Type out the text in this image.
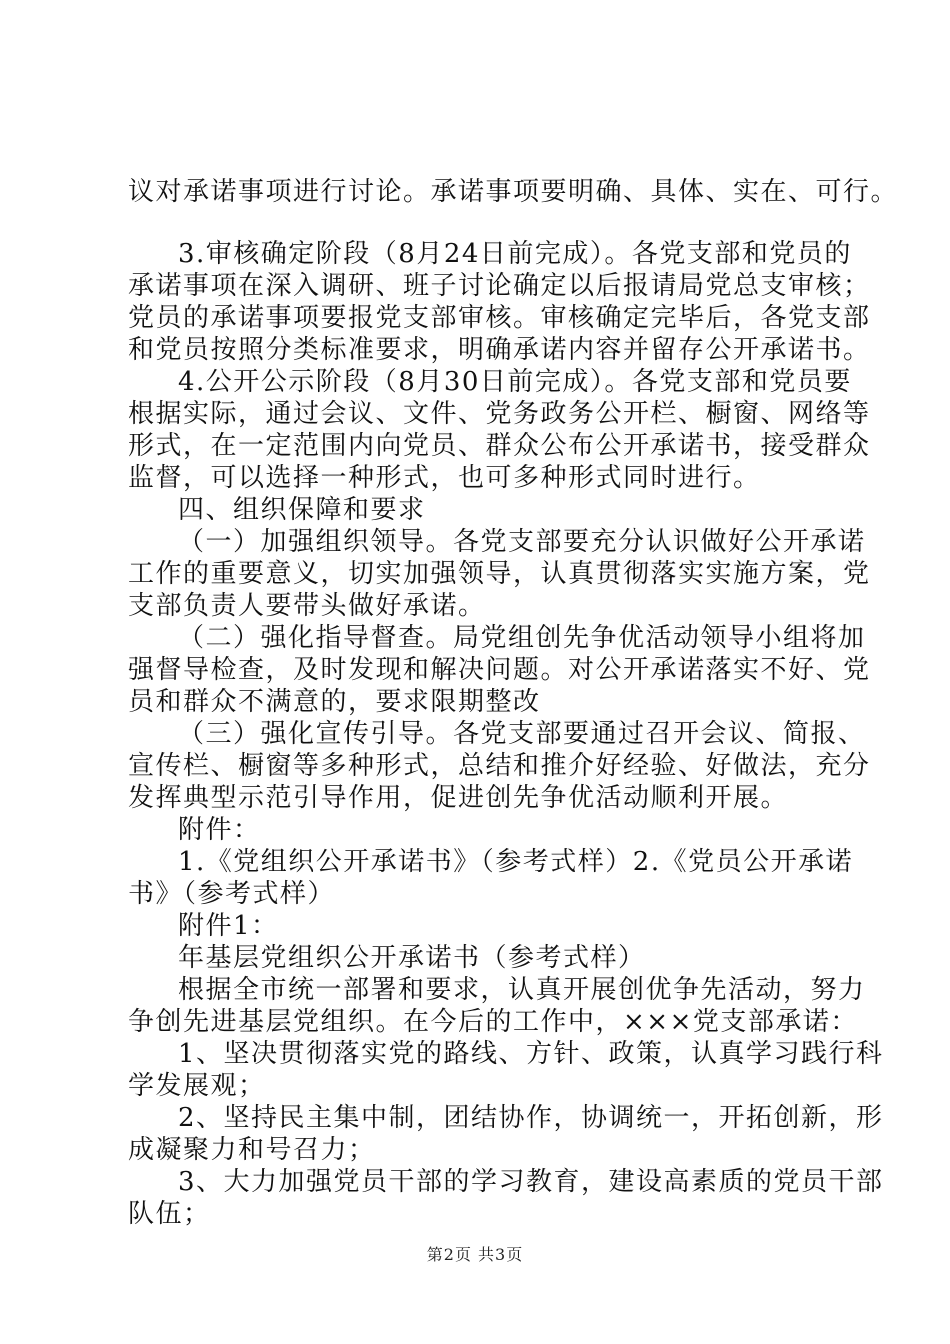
议对承诺事项进行讨论。承诺事项要明确、具体、实在、可行。
3.审核确定阶段（8月24日前完成）。各党支部和党员的
承诺事项在深入调研、班子讨论确定以后报请局党总支审核；
党员的承诺事项要报党支部审核。审核确定完毕后，各党支部
和党员按照分类标准要求，明确承诺内容并留存公开承诺书。
4.公开公示阶段（8月30日前完成）。各党支部和党员要
根据实际，通过会议、文件、党务政务公开栏、橱窗、网络等
形式，在一定范围内向党员、群众公布公开承诺书，接受群众
监督，可以选择一种形式，也可多种形式同时进行。
四、组织保障和要求
（一）加强组织领导。各党支部要充分认识做好公开承诺
工作的重要意义，切实加强领导，认真贯彻落实实施方案，党
支部负责人要带头做好承诺。
（二）强化指导督查。局党组创先争优活动领导小组将加
强督导检查，及时发现和解决问题。对公开承诺落实不好、党
员和群众不满意的，要求限期整改
（三）强化宣传引导。各党支部要通过召开会议、简报、
宣传栏、橱窗等多种形式，总结和推介好经验、好做法，充分
发挥典型示范引导作用，促进创先争优活动顺利开展。
附件：
1.《党组织公开承诺书》（参考式样）2.《党员公开承诺
书》（参考式样）
附件1：
年基层党组织公开承诺书（参考式样）
根据全市统一部署和要求，认真开展创优争先活动，努力
争创先进基层党组织。在今后的工作中，×××党支部承诺：
1、坚决贯彻落实党的路线、方针、政策，认真学习践行科
学发展观；
2、坚持民主集中制，团结协作，协调统一，开拓创新，形
成凝聚力和号召力；
3、大力加强党员干部的学习教育，建设高素质的党员干部
队伍；
第2页 共3页
